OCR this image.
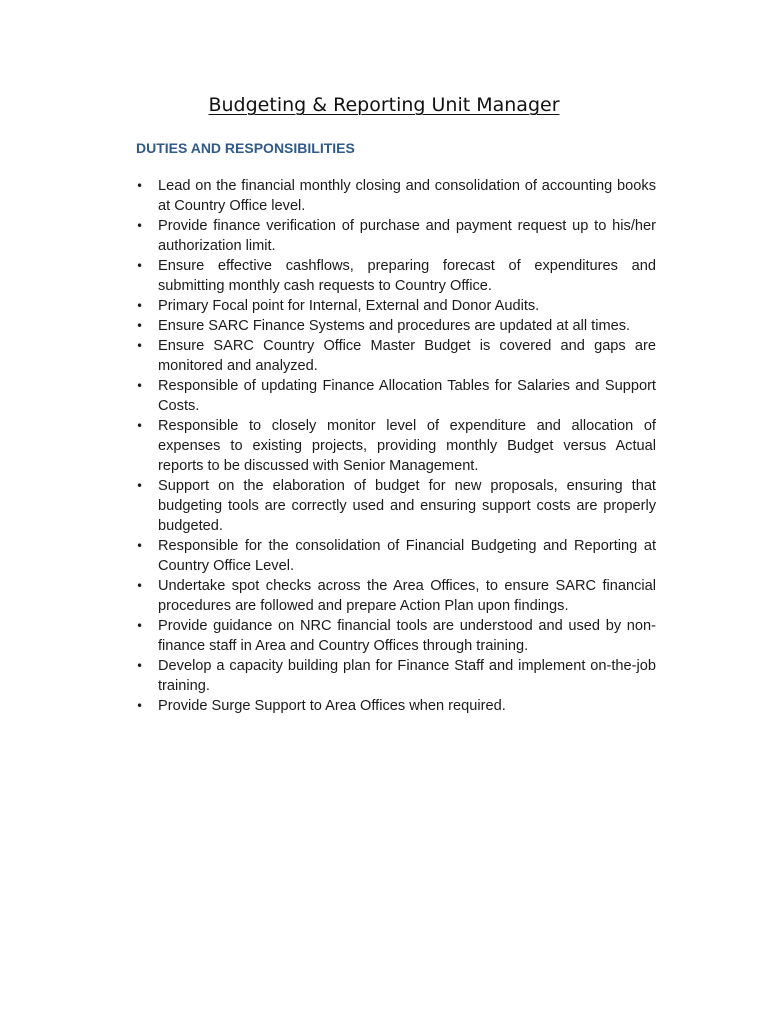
Budgeting & Reporting Unit Manager
DUTIES AND RESPONSIBILITIES
•	Lead on the financial monthly closing and consolidation of accounting books at Country Office level.
•	Provide finance verification of purchase and payment request up to his/her authorization limit.
•	Ensure effective cashflows, preparing forecast of expenditures and submitting monthly cash requests to Country Office.
•	Primary Focal point for Internal, External and Donor Audits.
•	Ensure SARC Finance Systems and procedures are updated at all times.
•	Ensure SARC Country Office Master Budget is covered and gaps are monitored and analyzed.
•	Responsible of updating Finance Allocation Tables for Salaries and Support Costs.
•	Responsible to closely monitor level of expenditure and allocation of expenses to existing projects, providing monthly Budget versus Actual reports to be discussed with Senior Management.
•	Support on the elaboration of budget for new proposals, ensuring that budgeting tools are correctly used and ensuring support costs are properly budgeted.
•	Responsible for the consolidation of Financial Budgeting and Reporting at Country Office Level.
•	Undertake spot checks across the Area Offices, to ensure SARC financial procedures are followed and prepare Action Plan upon findings.
•	Provide guidance on NRC financial tools are understood and used by non-finance staff in Area and Country Offices through training.
•	Develop a capacity building plan for Finance Staff and implement on-the-job training.
•	Provide Surge Support to Area Offices when required.
